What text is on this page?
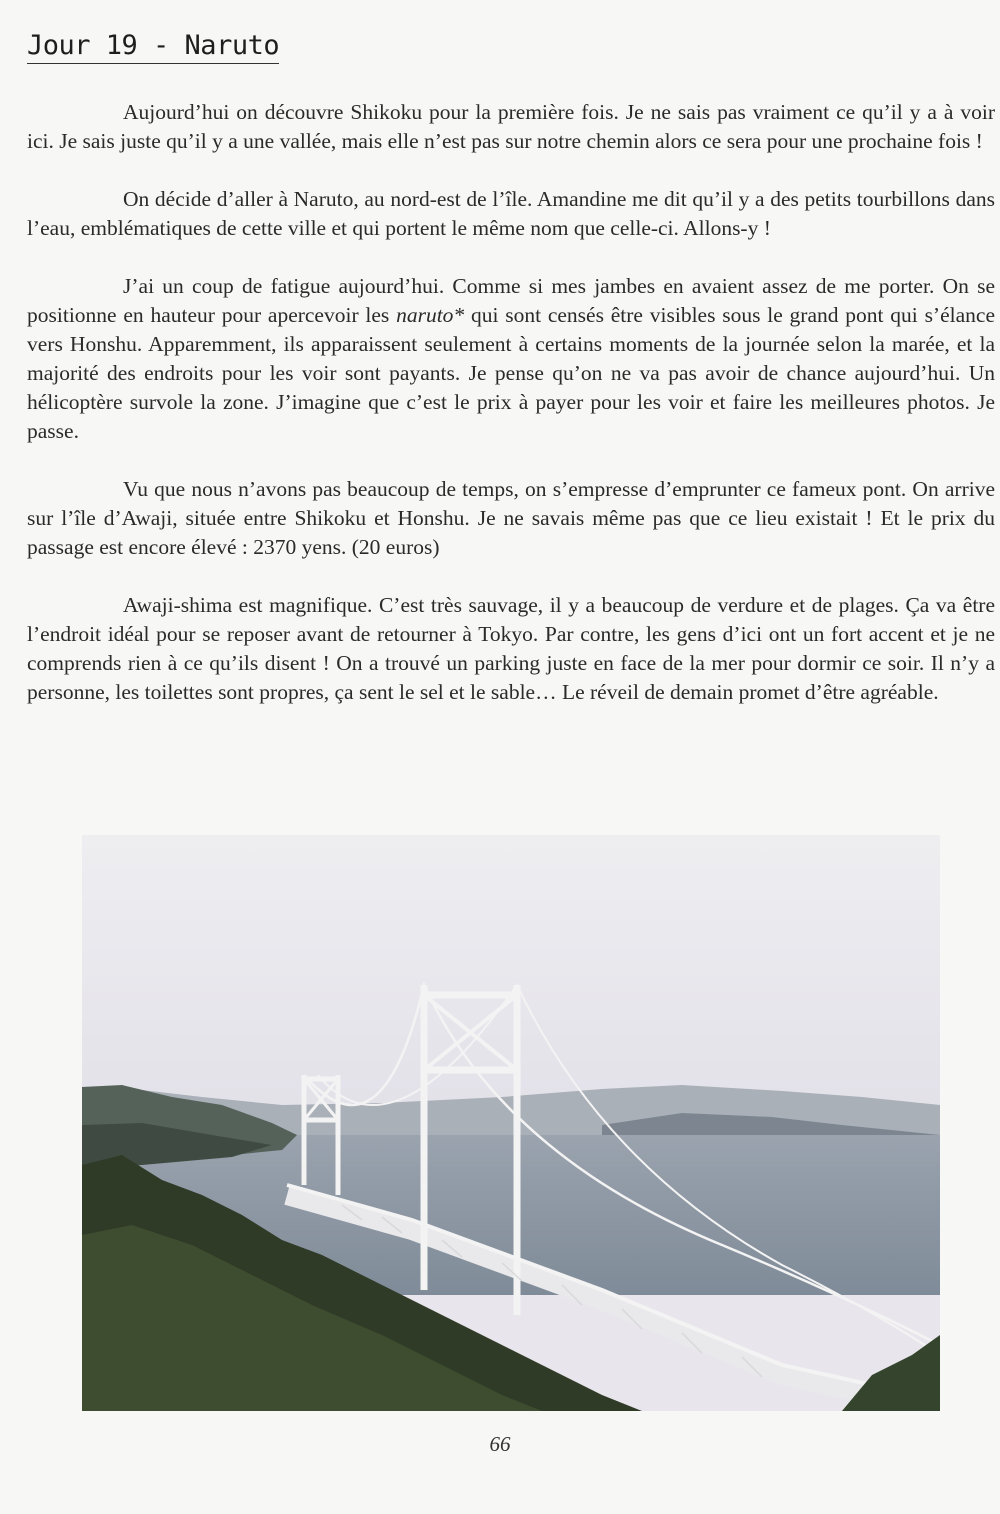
Jour 19 - Naruto

Aujourd’hui on découvre Shikoku pour la première fois. Je ne sais pas vraiment ce qu’il y a à voir ici. Je sais juste qu’il y a une vallée, mais elle n’est pas sur notre chemin alors ce sera pour une prochaine fois !

On décide d’aller à Naruto, au nord-est de l’île. Amandine me dit qu’il y a des petits tourbillons dans l’eau, emblématiques de cette ville et qui portent le même nom que celle-ci. Allons-y !

J’ai un coup de fatigue aujourd’hui. Comme si mes jambes en avaient assez de me porter. On se positionne en hauteur pour apercevoir les naruto* qui sont censés être visibles sous le grand pont qui s’élance vers Honshu. Apparemment, ils apparaissent seulement à certains moments de la journée selon la marée, et la majorité des endroits pour les voir sont payants. Je pense qu’on ne va pas avoir de chance aujourd’hui. Un hélicoptère survole la zone. J’imagine que c’est le prix à payer pour les voir et faire les meilleures photos. Je passe.

Vu que nous n’avons pas beaucoup de temps, on s’empresse d’emprunter ce fameux pont. On arrive sur l’île d’Awaji, située entre Shikoku et Honshu. Je ne savais même pas que ce lieu existait ! Et le prix du passage est encore élevé : 2370 yens. (20 euros)

Awaji-shima est magnifique. C’est très sauvage, il y a beaucoup de verdure et de plages. Ça va être l’endroit idéal pour se reposer avant de retourner à Tokyo. Par contre, les gens d’ici ont un fort accent et je ne comprends rien à ce qu’ils disent ! On a trouvé un parking juste en face de la mer pour dormir ce soir. Il n’y a personne, les toilettes sont propres, ça sent le sel et le sable… Le réveil de demain promet d’être agréable.

66
